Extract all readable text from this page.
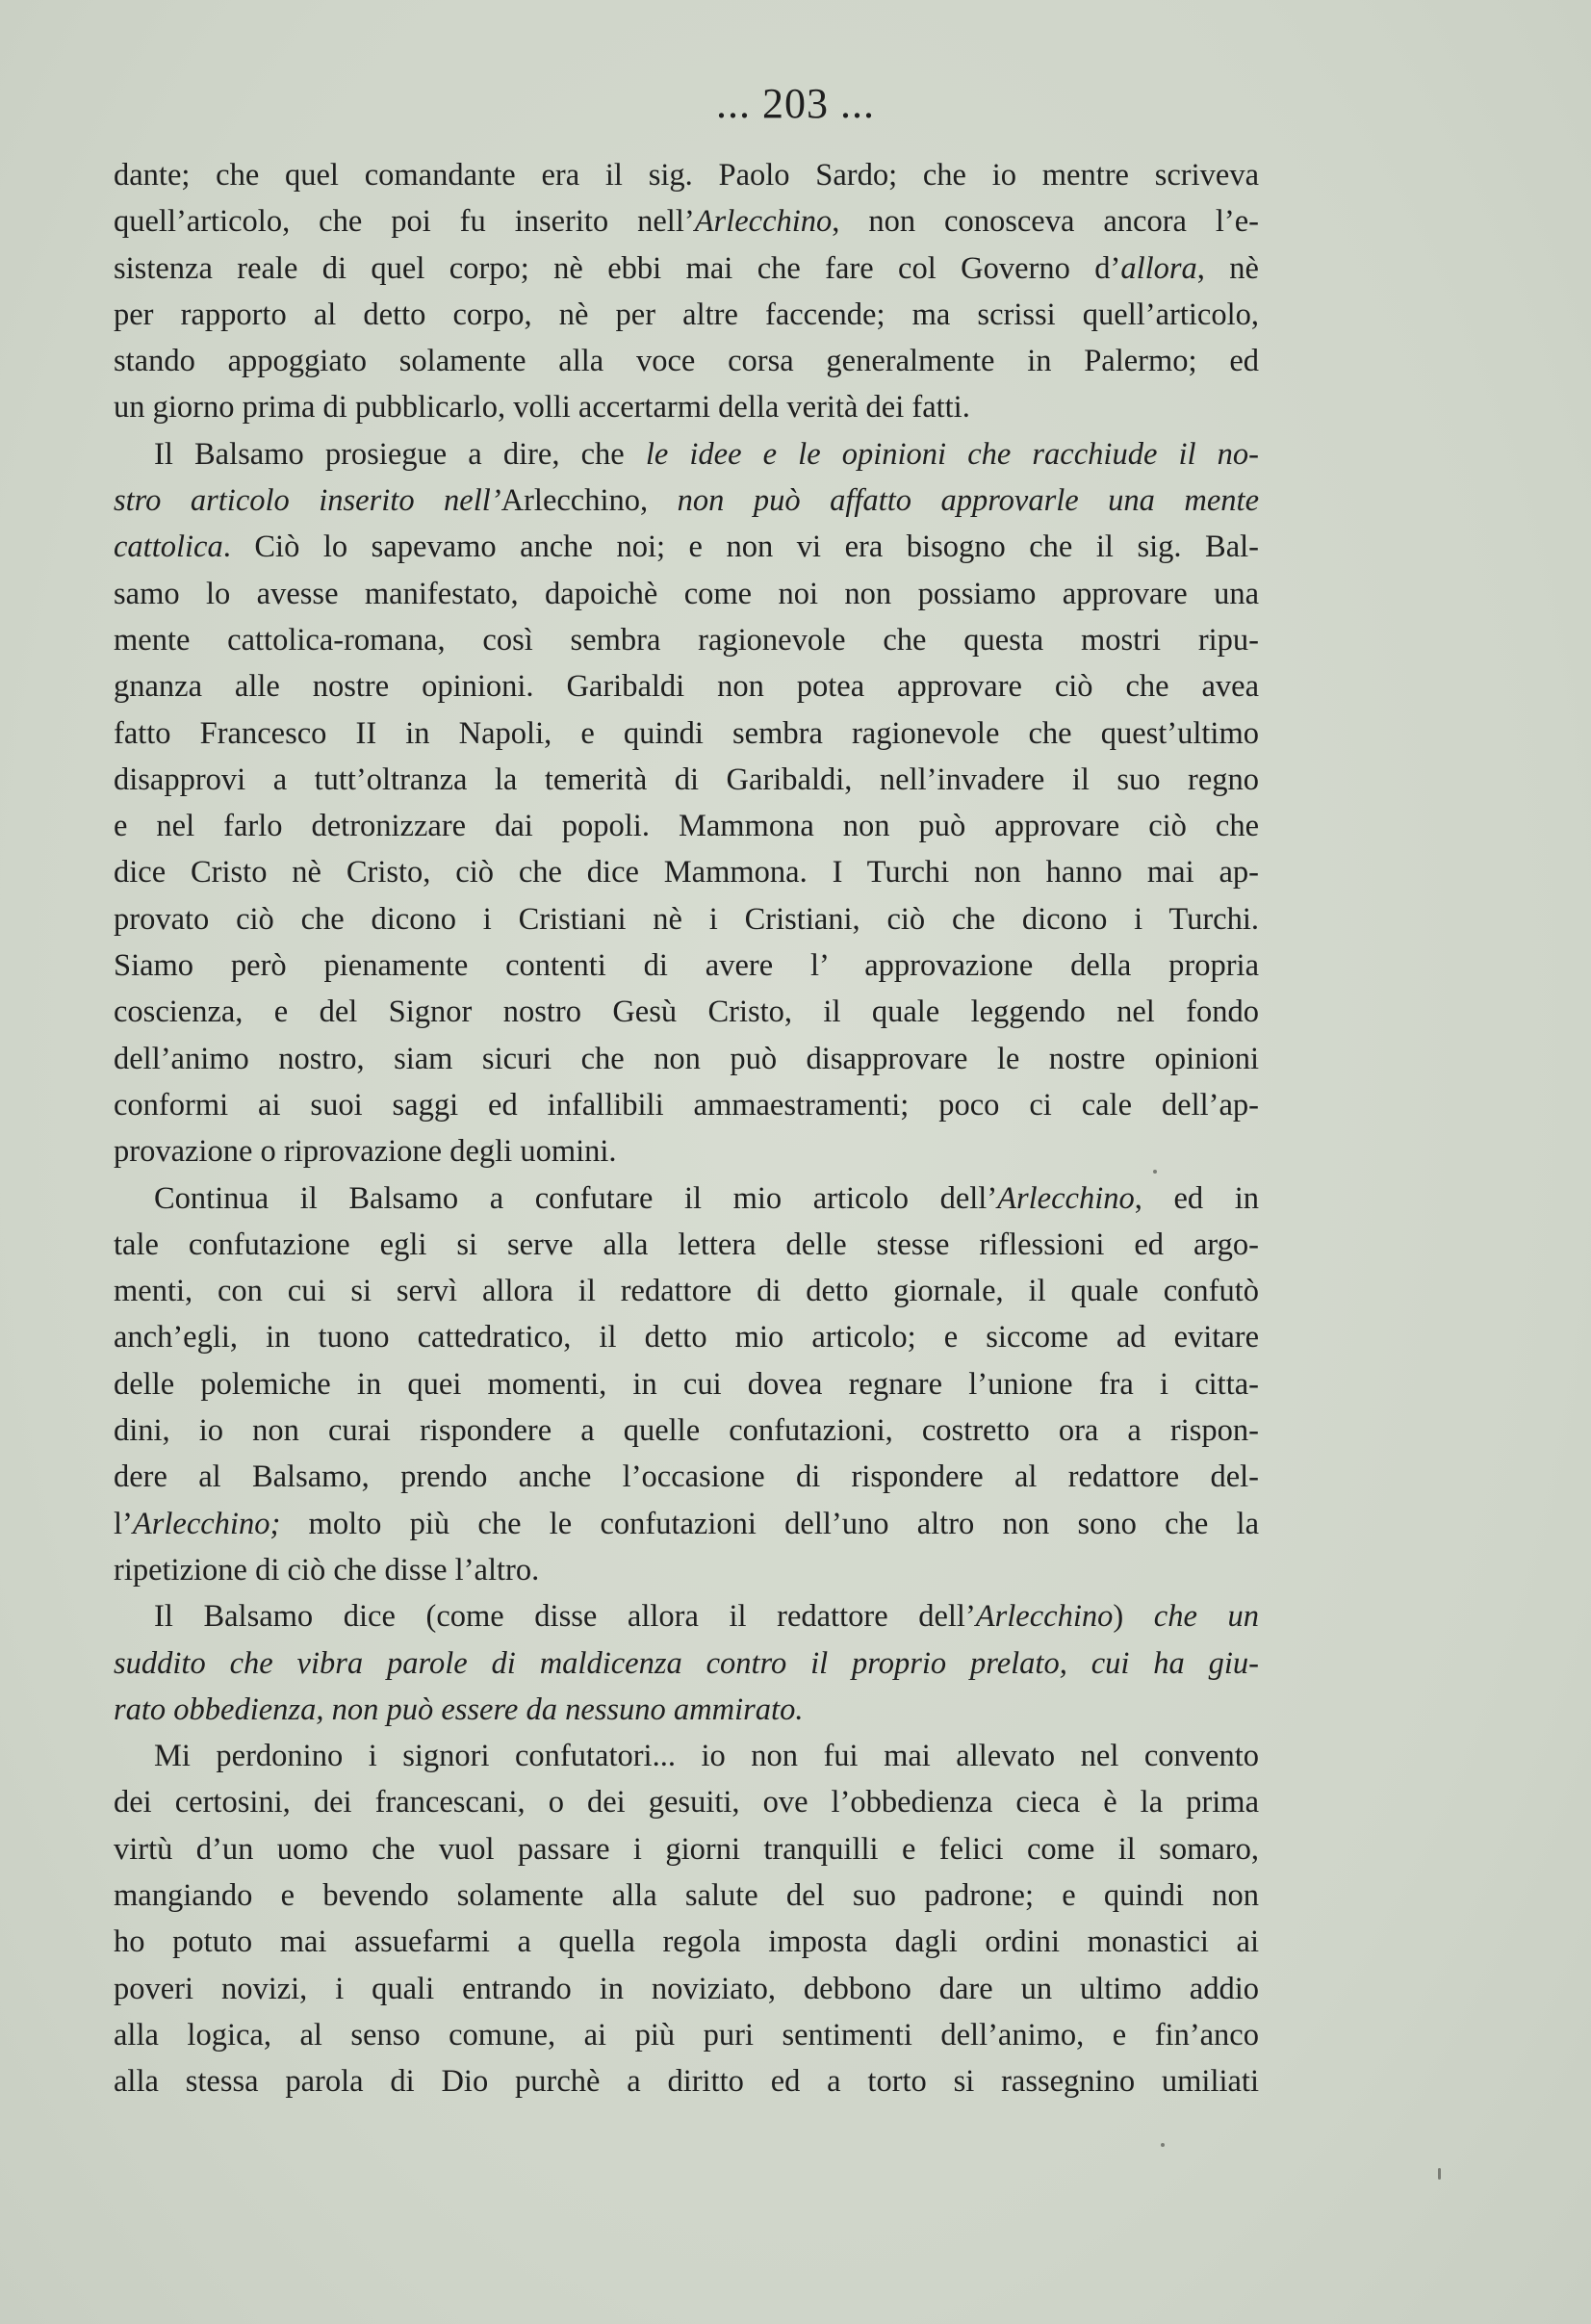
... 203 ...
dante; che quel comandante era il sig. Paolo Sardo; che io mentre scriveva
quell’articolo, che poi fu inserito nell’Arlecchino, non conosceva ancora l’e-
sistenza reale di quel corpo; nè ebbi mai che fare col Governo d’allora, nè
per rapporto al detto corpo, nè per altre faccende; ma scrissi quell’articolo,
stando appoggiato solamente alla voce corsa generalmente in Palermo; ed
un giorno prima di pubblicarlo, volli accertarmi della verità dei fatti.
Il Balsamo prosiegue a dire, che le idee e le opinioni che racchiude il no-
stro articolo inserito nell’Arlecchino, non può affatto approvarle una mente
cattolica. Ciò lo sapevamo anche noi; e non vi era bisogno che il sig. Bal-
samo lo avesse manifestato, dapoichè come noi non possiamo approvare una
mente cattolica-romana, così sembra ragionevole che questa mostri ripu-
gnanza alle nostre opinioni. Garibaldi non potea approvare ciò che avea
fatto Francesco II in Napoli, e quindi sembra ragionevole che quest’ultimo
disapprovi a tutt’oltranza la temerità di Garibaldi, nell’invadere il suo regno
e nel farlo detronizzare dai popoli. Mammona non può approvare ciò che
dice Cristo nè Cristo, ciò che dice Mammona. I Turchi non hanno mai ap-
provato ciò che dicono i Cristiani nè i Cristiani, ciò che dicono i Turchi.
Siamo però pienamente contenti di avere l’ approvazione della propria
coscienza, e del Signor nostro Gesù Cristo, il quale leggendo nel fondo
dell’animo nostro, siam sicuri che non può disapprovare le nostre opinioni
conformi ai suoi saggi ed infallibili ammaestramenti; poco ci cale dell’ap-
provazione o riprovazione degli uomini.
Continua il Balsamo a confutare il mio articolo dell’Arlecchino, ed in
tale confutazione egli si serve alla lettera delle stesse riflessioni ed argo-
menti, con cui si servì allora il redattore di detto giornale, il quale confutò
anch’egli, in tuono cattedratico, il detto mio articolo; e siccome ad evitare
delle polemiche in quei momenti, in cui dovea regnare l’unione fra i citta-
dini, io non curai rispondere a quelle confutazioni, costretto ora a rispon-
dere al Balsamo, prendo anche l’occasione di rispondere al redattore del-
l’Arlecchino; molto più che le confutazioni dell’uno altro non sono che la
ripetizione di ciò che disse l’altro.
Il Balsamo dice (come disse allora il redattore dell’Arlecchino) che un
suddito che vibra parole di maldicenza contro il proprio prelato, cui ha giu-
rato obbedienza, non può essere da nessuno ammirato.
Mi perdonino i signori confutatori... io non fui mai allevato nel convento
dei certosini, dei francescani, o dei gesuiti, ove l’obbedienza cieca è la prima
virtù d’un uomo che vuol passare i giorni tranquilli e felici come il somaro,
mangiando e bevendo solamente alla salute del suo padrone; e quindi non
ho potuto mai assuefarmi a quella regola imposta dagli ordini monastici ai
poveri novizi, i quali entrando in noviziato, debbono dare un ultimo addio
alla logica, al senso comune, ai più puri sentimenti dell’animo, e fin’anco
alla stessa parola di Dio purchè a diritto ed a torto si rassegnino umiliati
